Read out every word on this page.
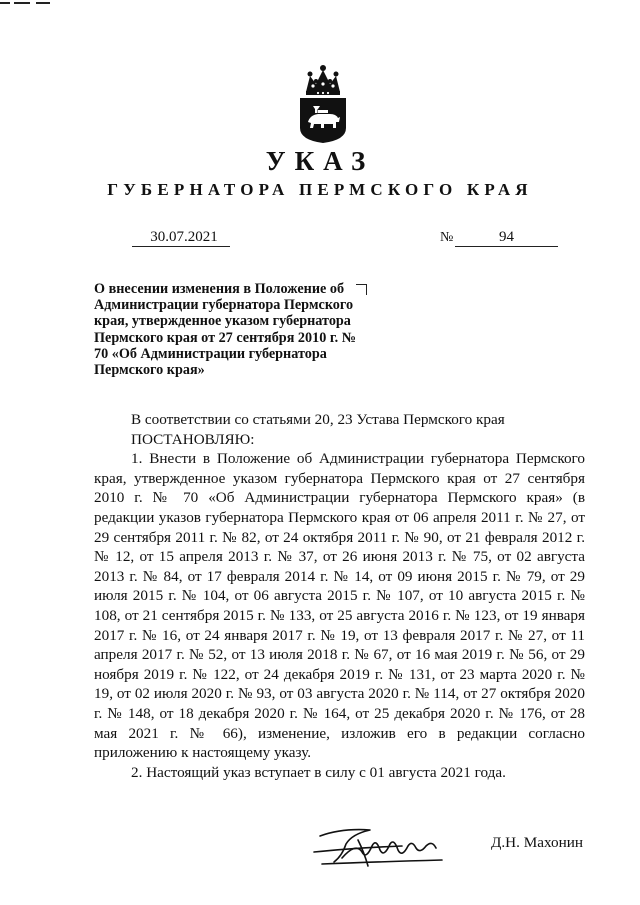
УКАЗ
ГУБЕРНАТОРА ПЕРМСКОГО КРАЯ
30.07.2021	№	94
О внесении изменения в Положение об Администрации губернатора Пермского края, утвержденное указом губернатора Пермского края от 27 сентября 2010 г. № 70 «Об Администрации губернатора Пермского края»

В соответствии со статьями 20, 23 Устава Пермского края

ПОСТАНОВЛЯЮ:

1. Внести в Положение об Администрации губернатора Пермского края, утвержденное указом губернатора Пермского края от 27 сентября 2010 г. № 70 «Об Администрации губернатора Пермского края» (в редакции указов губернатора Пермского края от 06 апреля 2011 г. № 27, от 29 сентября 2011 г. № 82, от 24 октября 2011 г. № 90, от 21 февраля 2012 г. № 12, от 15 апреля 2013 г. № 37, от 26 июня 2013 г. № 75, от 02 августа 2013 г. № 84, от 17 февраля 2014 г. № 14, от 09 июня 2015 г. № 79, от 29 июля 2015 г. № 104, от 06 августа 2015 г. № 107, от 10 августа 2015 г. № 108, от 21 сентября 2015 г. № 133, от 25 августа 2016 г. № 123, от 19 января 2017 г. № 16, от 24 января 2017 г. № 19, от 13 февраля 2017 г. № 27, от 11 апреля 2017 г. № 52, от 13 июля 2018 г. № 67, от 16 мая 2019 г. № 56, от 29 ноября 2019 г. № 122, от 24 декабря 2019 г. № 131, от 23 марта 2020 г. № 19, от 02 июля 2020 г. № 93, от 03 августа 2020 г. № 114, от 27 октября 2020 г. № 148, от 18 декабря 2020 г. № 164, от 25 декабря 2020 г. № 176, от 28 мая 2021 г. № 66), изменение, изложив его в редакции согласно приложению к настоящему указу.

2. Настоящий указ вступает в силу с 01 августа 2021 года.

Д.Н. Махонин
